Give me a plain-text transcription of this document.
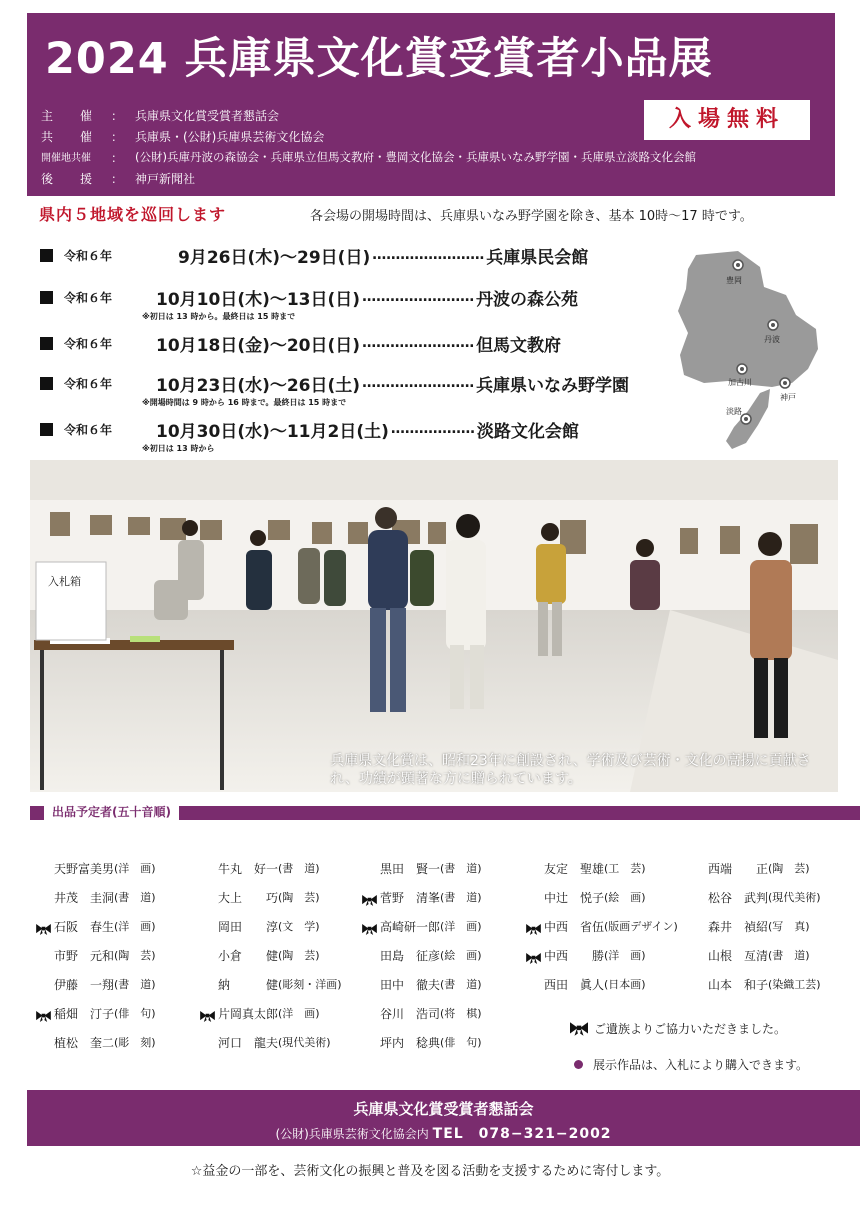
2024 兵庫県文化賞受賞者小品展
入場無料
主　　催	： 兵庫県文化賞受賞者懇話会
共　　催	： 兵庫県・(公財)兵庫県芸術文化協会
開催地共催	：	(公財)兵庫丹波の森協会・兵庫県立但馬文教府・豊岡文化協会・兵庫県いなみ野学園・兵庫県立淡路文化会館
後　　援	： 神戸新聞社
県内５地域を巡回します	各会場の開場時間は、兵庫県いなみ野学園を除き、基本 10時〜17 時です。
令和６年	9月26日(木)〜29日(日) …………………… 兵庫県民会館
令和６年	10月10日(木)〜13日(日) …………………… 丹波の森公苑
※初日は 13 時から。最終日は 15 時まで
令和６年	10月18日(金)〜20日(日) …………………… 但馬文教府
令和６年	10月23日(水)〜26日(土) …………………… 兵庫県いなみ野学園
※開場時間は 9 時から 16 時まで。最終日は 15 時まで
令和６年	10月30日(水)〜11月2日(土) ……………… 淡路文化会館
※初日は 13 時から
豊岡
丹波
加古川
神戸
淡路
入札箱
兵庫県文化賞は、昭和23年に創設され、学術及び芸術・文化の高揚に貢献され、功績が顕著な方に贈られています。
出品予定者(五十音順)
天野富美男 (洋　画)
井茂　圭洞 (書　道)
石阪　春生 (洋　画)
市野　元和 (陶　芸)
伊藤　一翔 (書　道)
稲畑　汀子 (俳　句)
植松　奎二 (彫　刻)
牛丸　好一 (書　道)
大上　　巧 (陶　芸)
岡田　　淳 (文　学)
小倉　　健 (陶　芸)
納　　　健 (彫刻・洋画)
片岡真太郎 (洋　画)
河口　龍夫 (現代美術)
黒田　賢一 (書　道)
菅野　清峯 (書　道)
高崎研一郎 (洋　画)
田島　征彦 (絵　画)
田中　徹夫 (書　道)
谷川　浩司 (将　棋)
坪内　稔典 (俳　句)
友定　聖雄 (工　芸)
中辻　悦子 (絵　画)
中西　省伍 (版画デザイン)
中西　　勝 (洋　画)
西田　眞人 (日本画)
西端　　正 (陶　芸)
松谷　武判 (現代美術)
森井　禎紹 (写　真)
山根　亙清 (書　道)
山本　和子 (染織工芸)
ご遺族よりご協力いただきました。
展示作品は、入札により購入できます。
兵庫県文化賞受賞者懇話会
(公財)兵庫県芸術文化協会内 TEL　078−321−2002
☆益金の一部を、芸術文化の振興と普及を図る活動を支援するために寄付します。
